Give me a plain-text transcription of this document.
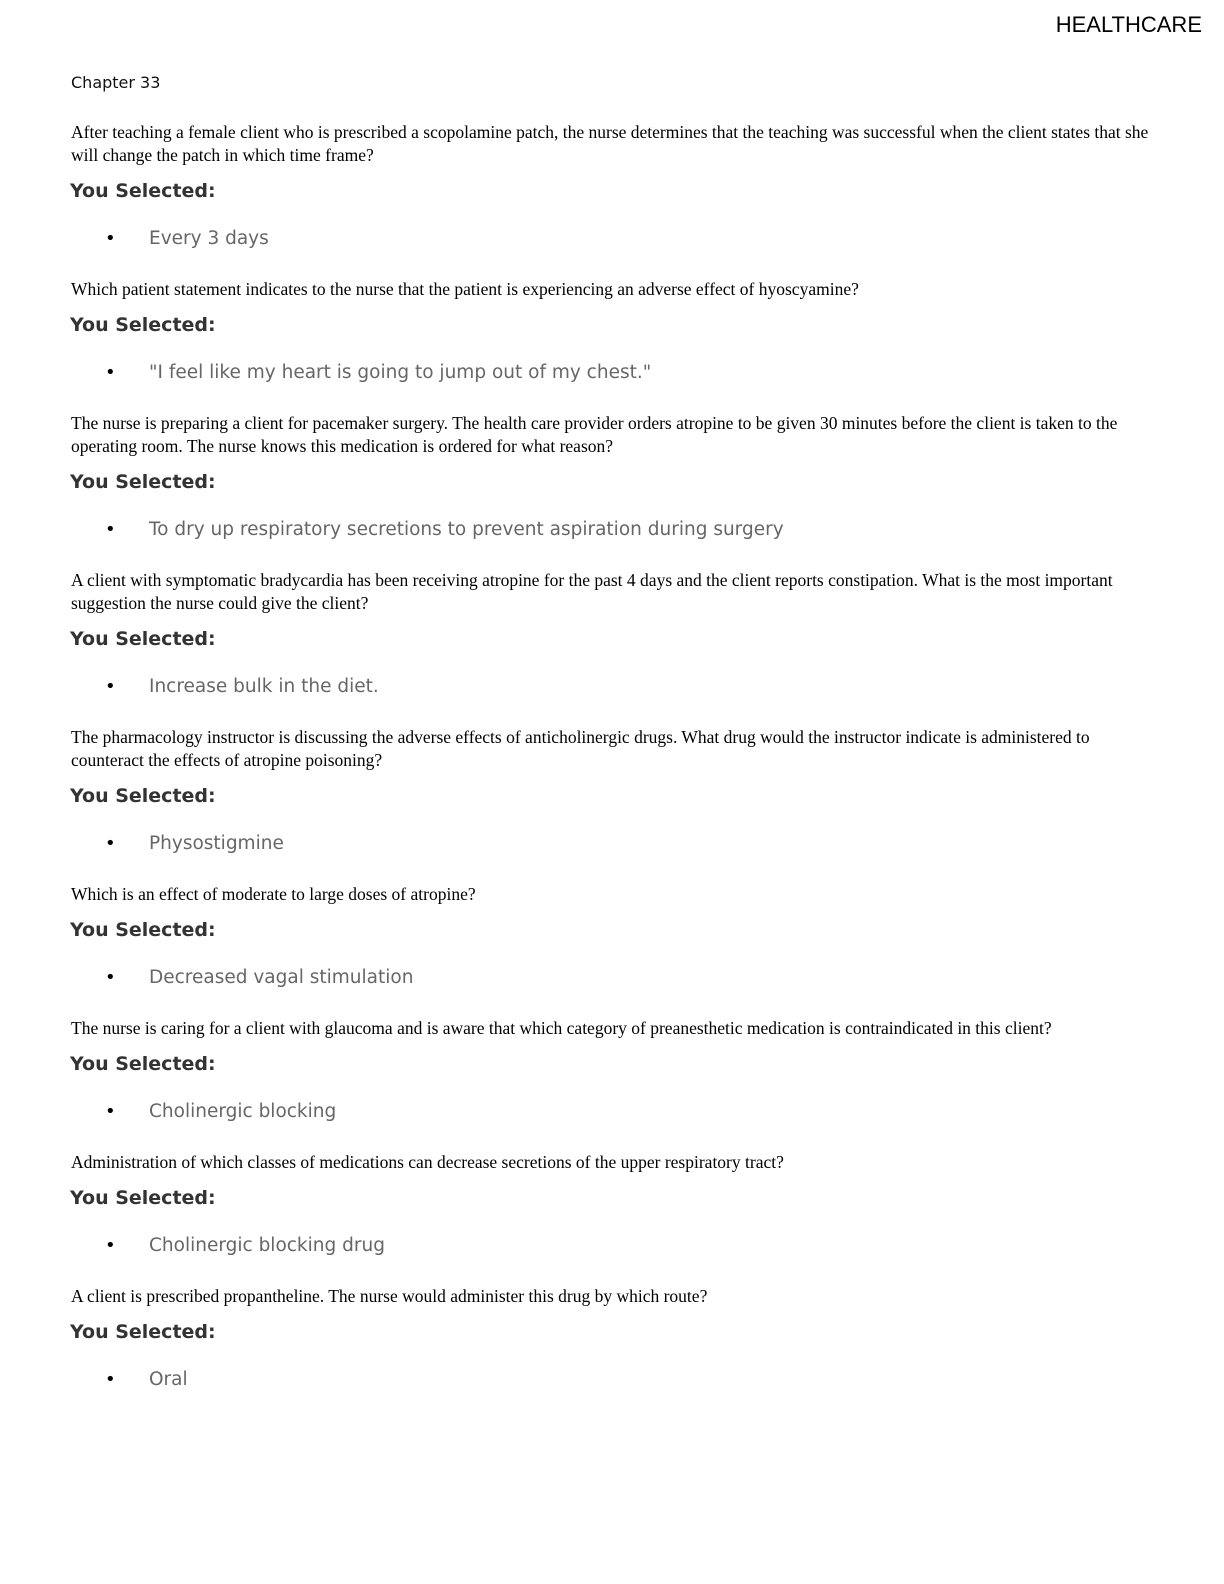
HEALTHCARE
Chapter 33
After teaching a female client who is prescribed a scopolamine patch, the nurse determines that the teaching was successful when the client states that she will change the patch in which time frame?
You Selected:
• Every 3 days
Which patient statement indicates to the nurse that the patient is experiencing an adverse effect of hyoscyamine?
You Selected:
• "I feel like my heart is going to jump out of my chest."
The nurse is preparing a client for pacemaker surgery. The health care provider orders atropine to be given 30 minutes before the client is taken to the operating room. The nurse knows this medication is ordered for what reason?
You Selected:
• To dry up respiratory secretions to prevent aspiration during surgery
A client with symptomatic bradycardia has been receiving atropine for the past 4 days and the client reports constipation. What is the most important suggestion the nurse could give the client?
You Selected:
• Increase bulk in the diet.
The pharmacology instructor is discussing the adverse effects of anticholinergic drugs. What drug would the instructor indicate is administered to counteract the effects of atropine poisoning?
You Selected:
• Physostigmine
Which is an effect of moderate to large doses of atropine?
You Selected:
• Decreased vagal stimulation
The nurse is caring for a client with glaucoma and is aware that which category of preanesthetic medication is contraindicated in this client?
You Selected:
• Cholinergic blocking
Administration of which classes of medications can decrease secretions of the upper respiratory tract?
You Selected:
• Cholinergic blocking drug
A client is prescribed propantheline. The nurse would administer this drug by which route?
You Selected:
• Oral
